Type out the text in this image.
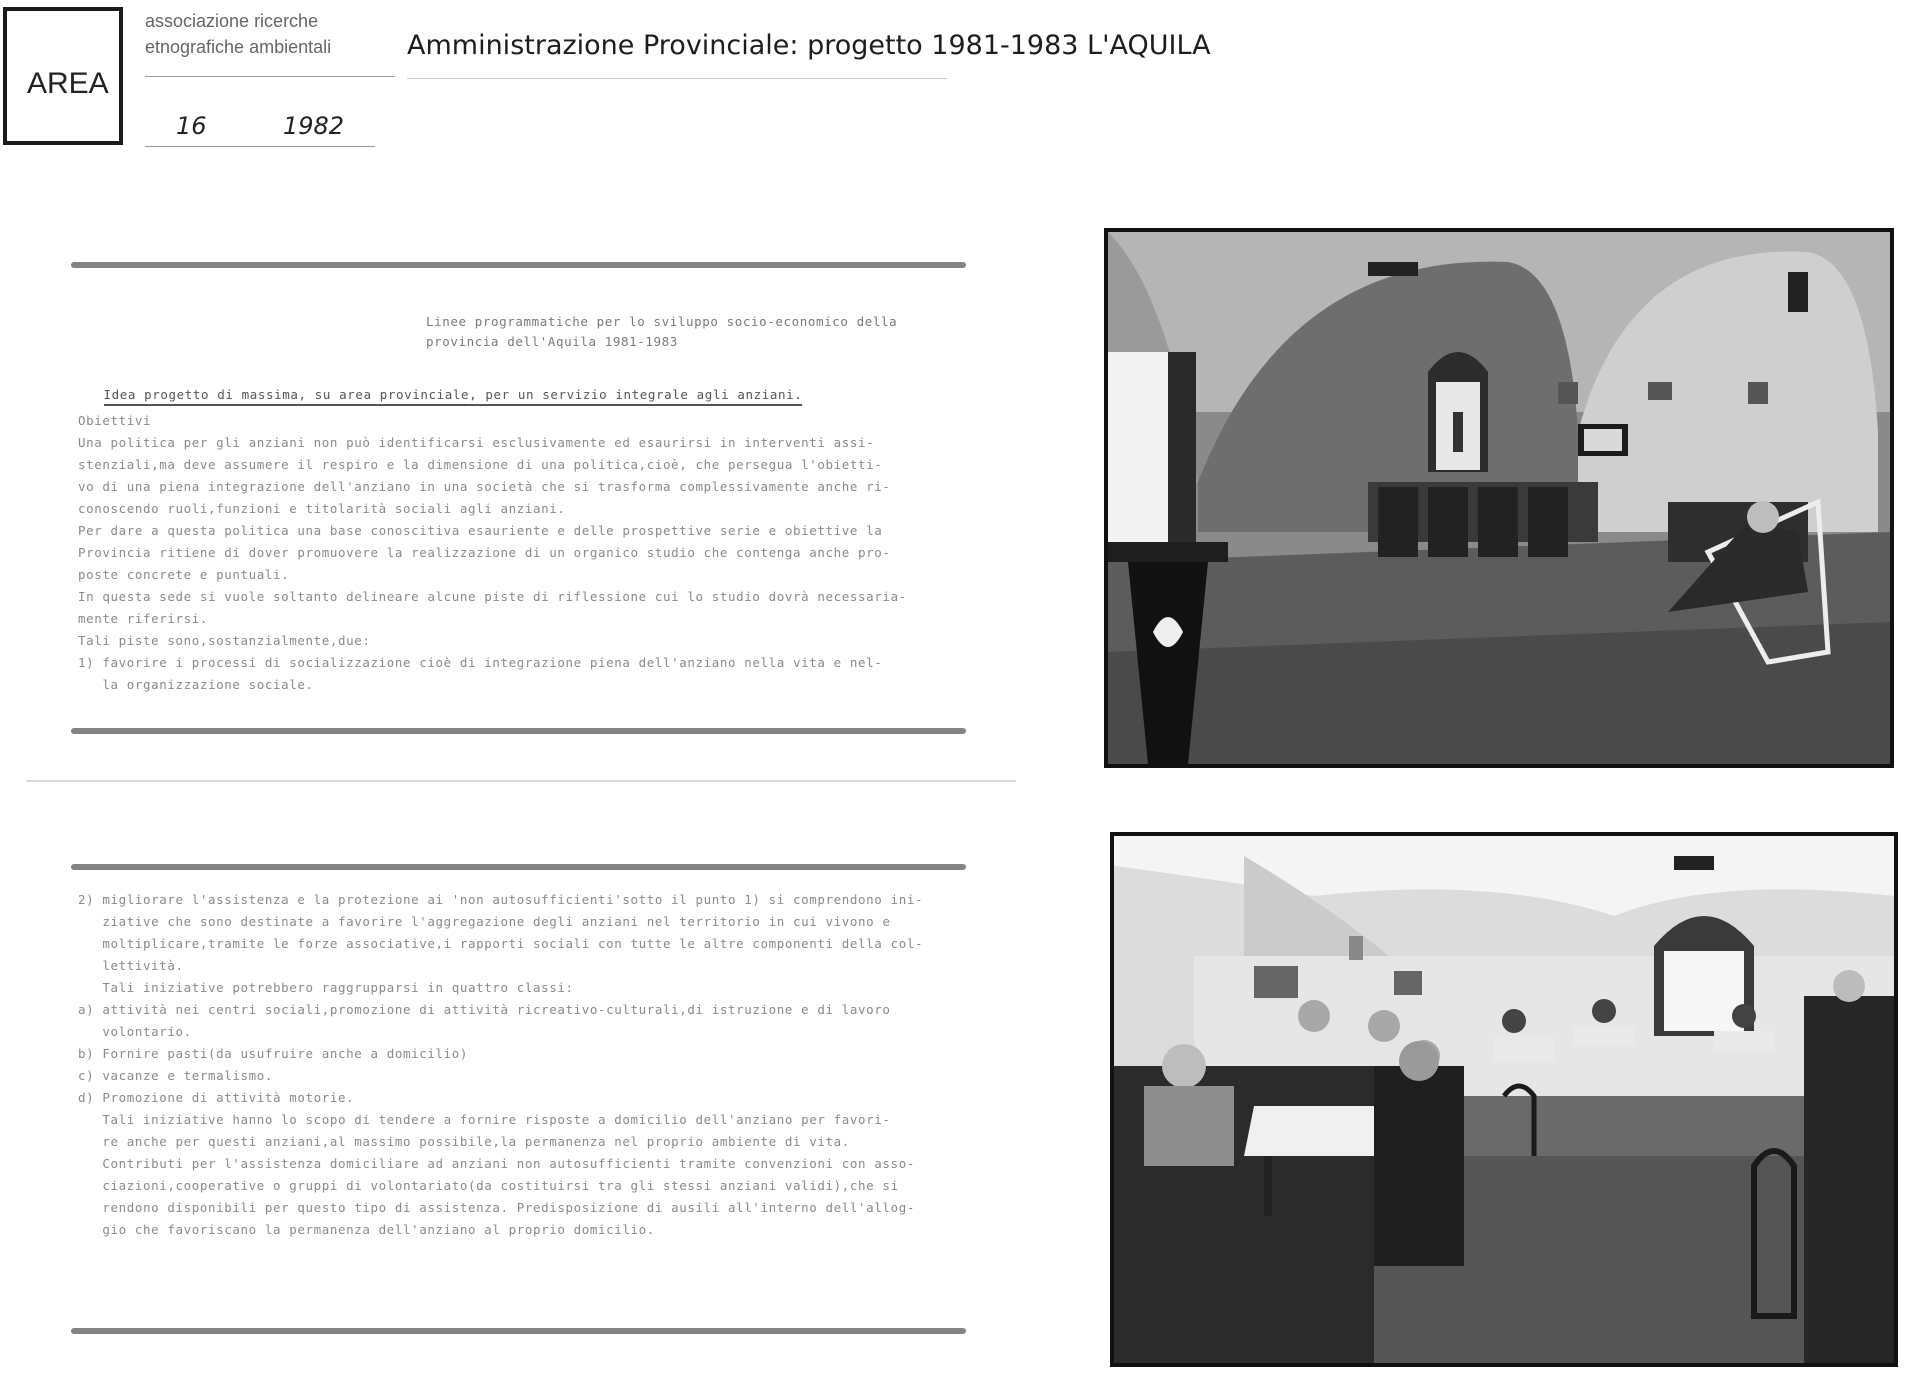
AREA
associazione ricerche
etnografiche ambientali
16	1982
Amministrazione Provinciale: progetto 1981-1983 L'AQUILA
Linee programmatiche per lo sviluppo socio-economico della provincia dell'Aquila 1981-1983

Idea progetto di massima, su area provinciale, per un servizio integrale agli anziani.

Obiettivi
Una politica per gli anziani non può identificarsi esclusivamente ed esaurirsi in interventi assi-
stenziali,ma deve assumere il respiro e la dimensione di una politica,cioè, che persegua l'obietti-
vo di una piena integrazione dell'anziano in una società che si trasforma complessivamente anche ri-
conoscendo ruoli,funzioni e titolarità sociali agli anziani.
Per dare a questa politica una base conoscitiva esauriente e delle prospettive serie e obiettive la
Provincia ritiene di dover promuovere la realizzazione di un organico studio che contenga anche pro-
poste concrete e puntuali.
In questa sede si vuole soltanto delineare alcune piste di riflessione cui lo studio dovrà necessaria-
mente riferirsi.
Tali piste sono,sostanzialmente,due:
1) favorire i processi di socializzazione cioè di integrazione piena dell'anziano nella vita e nel-
la organizzazione sociale.
2) migliorare l'assistenza e la protezione ai 'non autosufficienti'sotto il punto 1) si comprendono ini-
ziative che sono destinate a favorire l'aggregazione degli anziani nel territorio in cui vivono e
moltiplicare,tramite le forze associative,i rapporti sociali con tutte le altre componenti della col-
lettività.
Tali iniziative potrebbero raggrupparsi in quattro classi:
a) attività nei centri sociali,promozione di attività ricreativo-culturali,di istruzione e di lavoro
volontario.
b) Fornire pasti(da usufruire anche a domicilio)
c) vacanze e termalismo.
d) Promozione di attività motorie.
Tali iniziative hanno lo scopo di tendere a fornire risposte a domicilio dell'anziano per favori-
re anche per questi anziani,al massimo possibile,la permanenza nel proprio ambiente di vita.
Contributi per l'assistenza domiciliare ad anziani non autosufficienti tramite convenzioni con asso-
ciazioni,cooperative o gruppi di volontariato(da costituirsi tra gli stessi anziani validi),che si
rendono disponibili per questo tipo di assistenza. Predisposizione di ausili all'interno dell'allog-
gio che favoriscano la permanenza dell'anziano al proprio domicilio.
